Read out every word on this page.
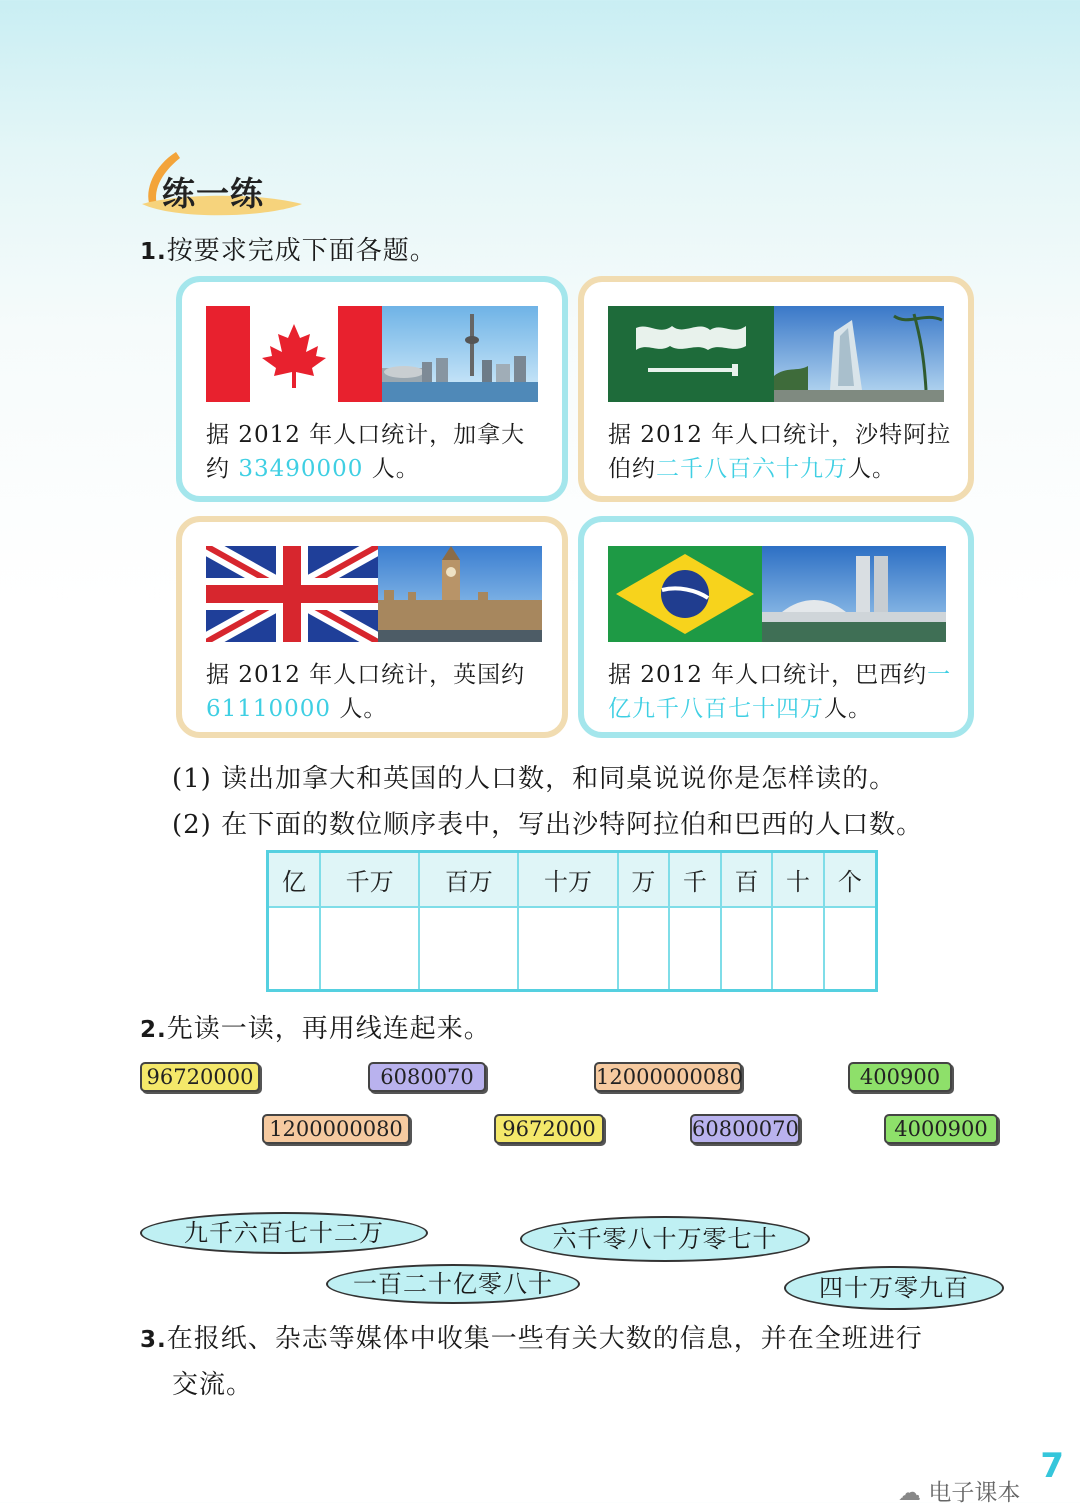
练一练
1.按要求完成下面各题。
据 2012 年人口统计，加拿大约 33490000 人。
据 2012 年人口统计，沙特阿拉伯约二千八百六十九万人。
据 2012 年人口统计，英国约 61110000 人。
据 2012 年人口统计，巴西约一亿九千八百七十四万人。
(1) 读出加拿大和英国的人口数，和同桌说说你是怎样读的。
(2) 在下面的数位顺序表中，写出沙特阿拉伯和巴西的人口数。
亿	千万	百万	十万	万	千	百	十	个

2.先读一读，再用线连起来。
96720000	6080070	12000000080	400900
1200000080	9672000	60800070	4000900
九千六百七十二万	六千零八十万零七十
一百二十亿零八十	四十万零九百
3.在报纸、杂志等媒体中收集一些有关大数的信息，并在全班进行
交流。
7
☁ 电子课本
